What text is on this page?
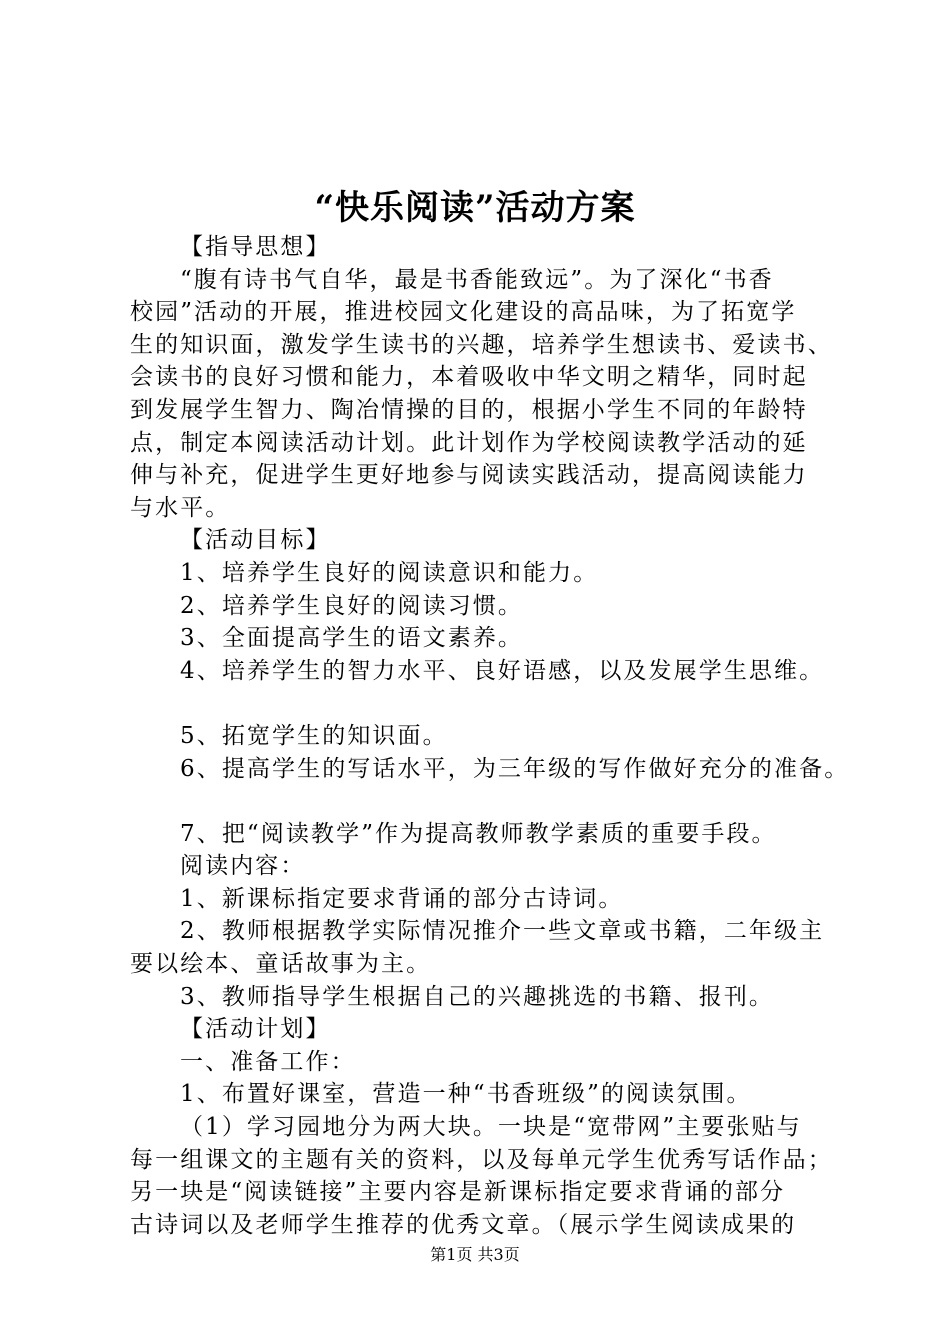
“快乐阅读”活动方案

【指导思想】

“腹有诗书气自华，最是书香能致远”。为了深化“书香

校园”活动的开展，推进校园文化建设的高品味，为了拓宽学

生的知识面，激发学生读书的兴趣，培养学生想读书、爱读书、

会读书的良好习惯和能力，本着吸收中华文明之精华，同时起

到发展学生智力、陶冶情操的目的，根据小学生不同的年龄特

点，制定本阅读活动计划。此计划作为学校阅读教学活动的延

伸与补充，促进学生更好地参与阅读实践活动，提高阅读能力

与水平。

【活动目标】

1、培养学生良好的阅读意识和能力。

2、培养学生良好的阅读习惯。

3、全面提高学生的语文素养。

4、培养学生的智力水平、良好语感，以及发展学生思维。

5、拓宽学生的知识面。

6、提高学生的写话水平，为三年级的写作做好充分的准备。

7、把“阅读教学”作为提高教师教学素质的重要手段。

阅读内容：

1、新课标指定要求背诵的部分古诗词。

2、教师根据教学实际情况推介一些文章或书籍，二年级主

要以绘本、童话故事为主。

3、教师指导学生根据自己的兴趣挑选的书籍、报刊。

【活动计划】

一、准备工作：

1、布置好课室，营造一种“书香班级”的阅读氛围。

（1）学习园地分为两大块。一块是“宽带网”主要张贴与

每一组课文的主题有关的资料，以及每单元学生优秀写话作品；

另一块是“阅读链接”主要内容是新课标指定要求背诵的部分

古诗词以及老师学生推荐的优秀文章。（展示学生阅读成果的

第1页 共3页
